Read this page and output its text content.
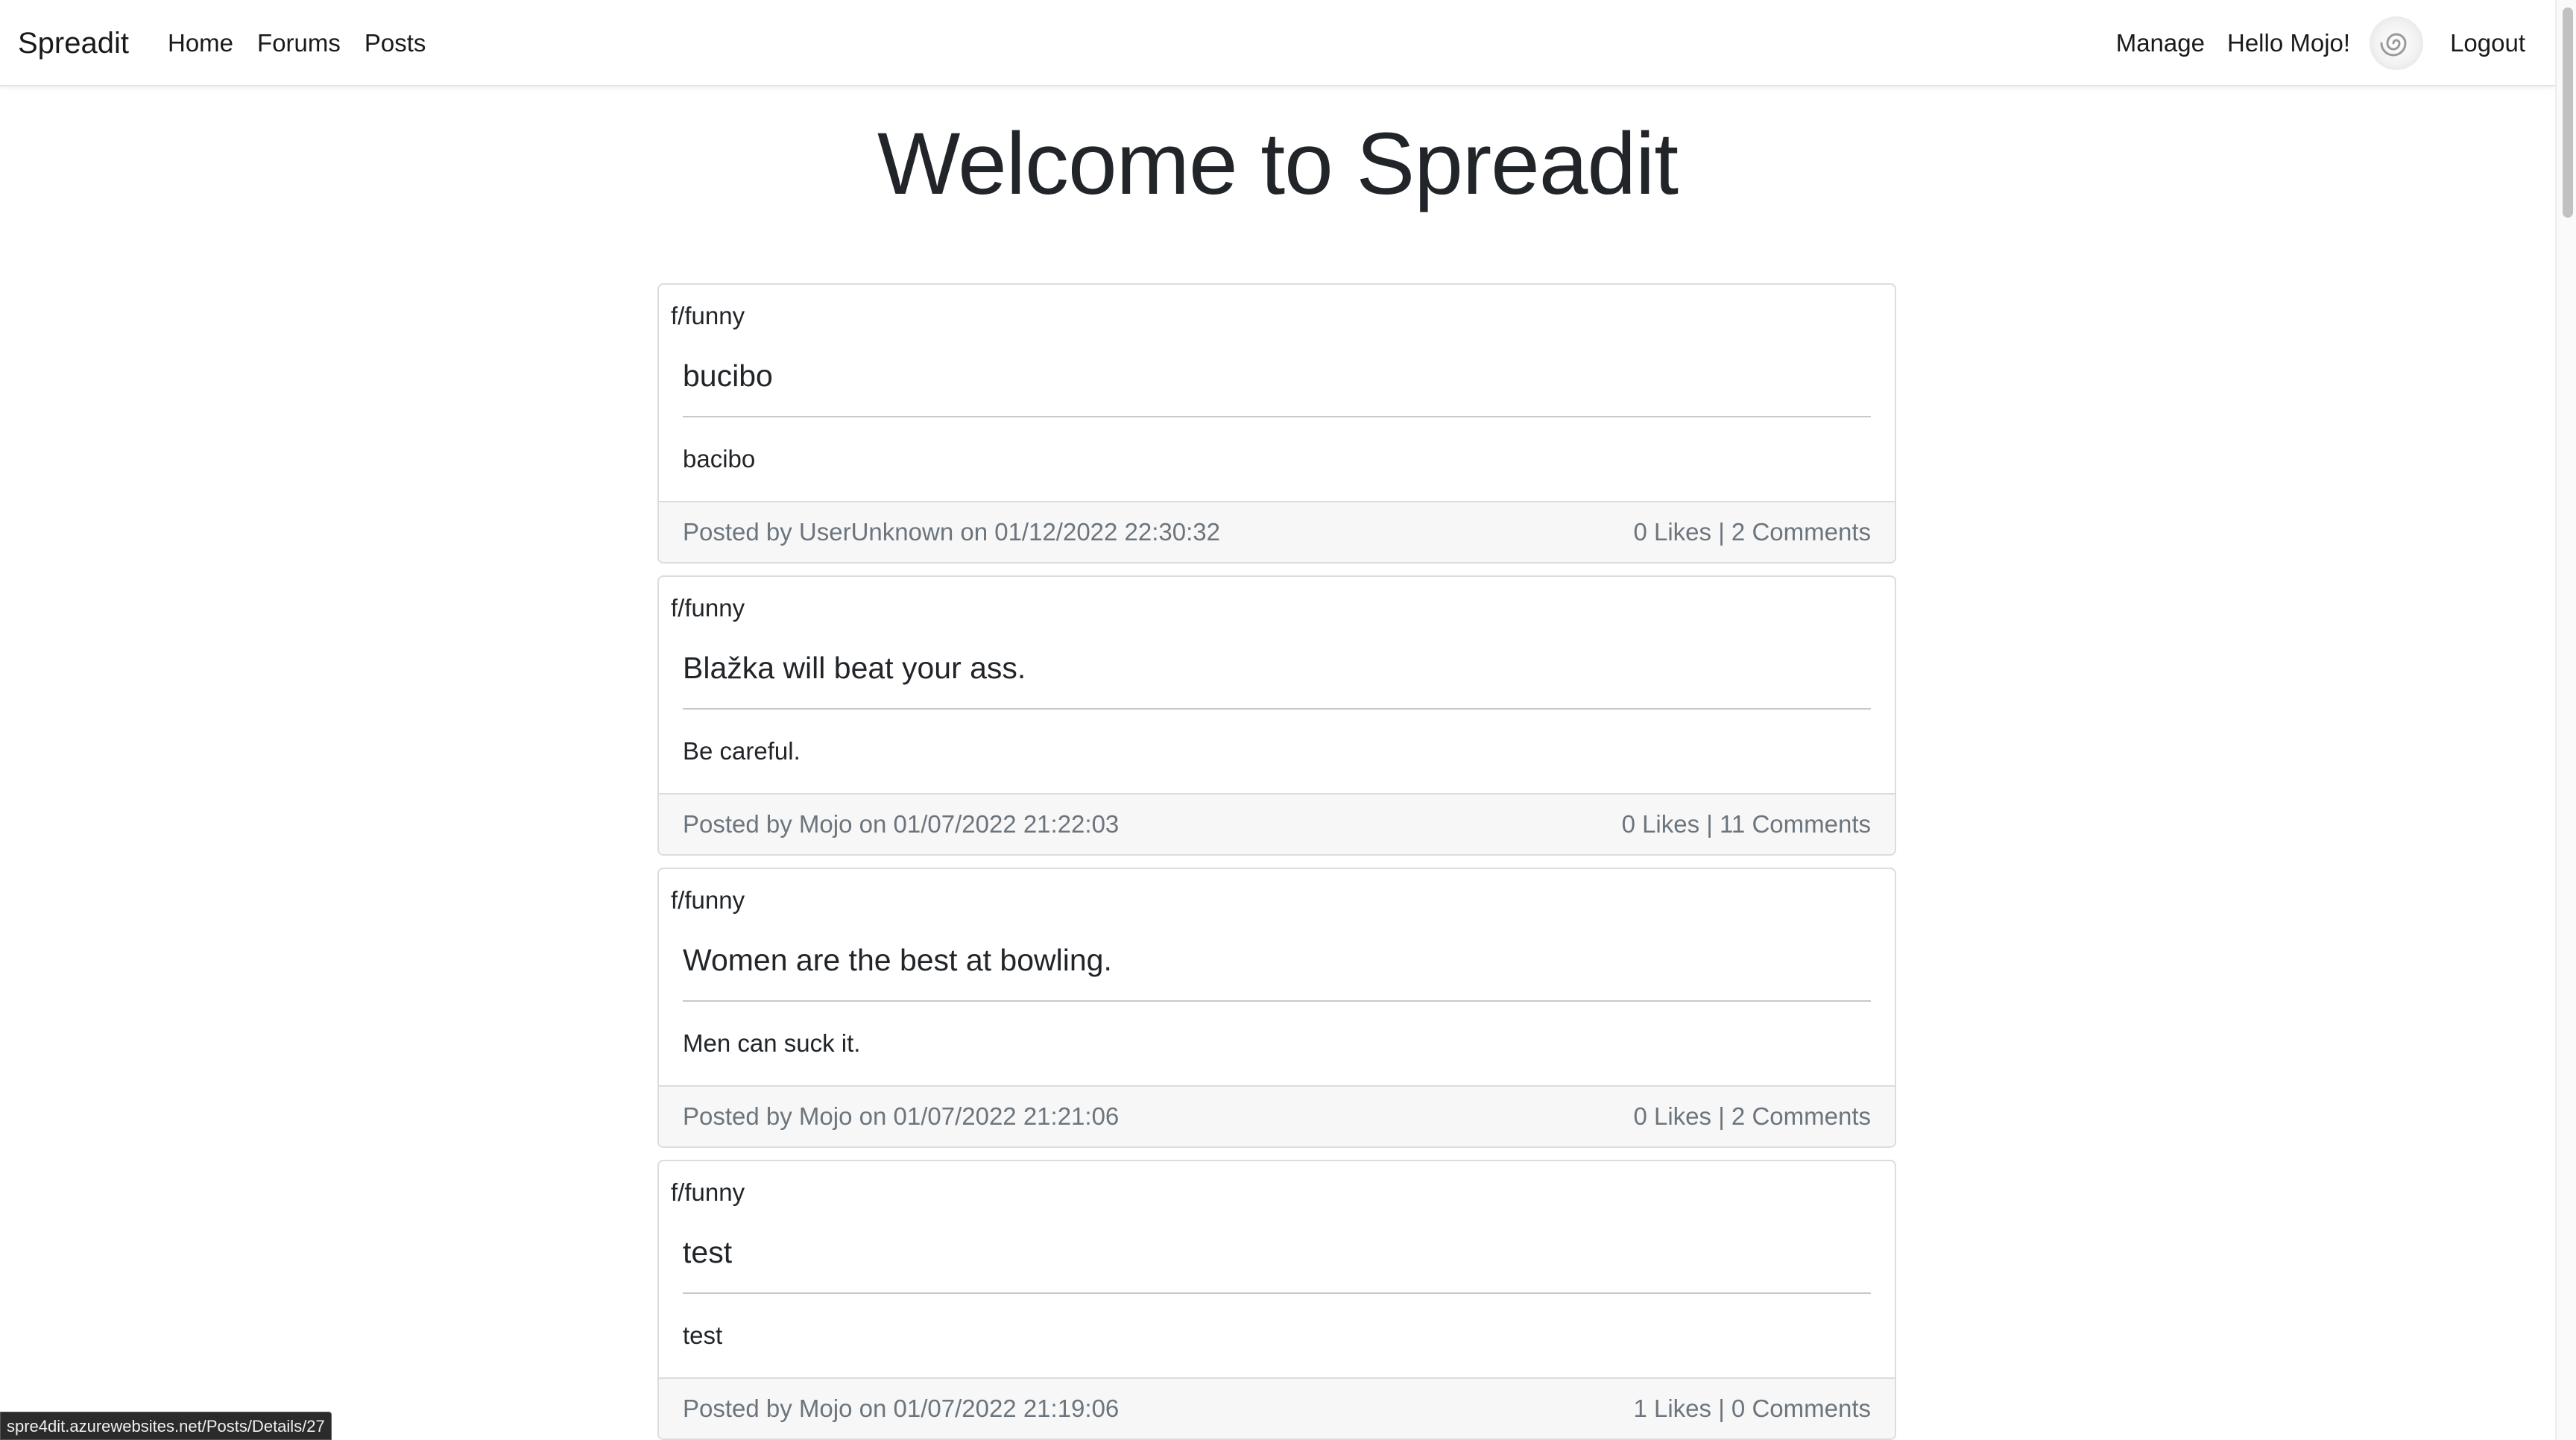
Spreadit Home Forums Posts	Manage Hello Mojo!	Logout
Welcome to Spreadit
f/funny
bucibo
bacibo
Posted by UserUnknown on 01/12/2022 22:30:32	0 Likes | 2 Comments
f/funny
Blažka will beat your ass.
Be careful.
Posted by Mojo on 01/07/2022 21:22:03	0 Likes | 11 Comments
f/funny
Women are the best at bowling.
Men can suck it.
Posted by Mojo on 01/07/2022 21:21:06	0 Likes | 2 Comments
f/funny
test
test
Posted by Mojo on 01/07/2022 21:19:06	1 Likes | 0 Comments
spre4dit.azurewebsites.net/Posts/Details/27
